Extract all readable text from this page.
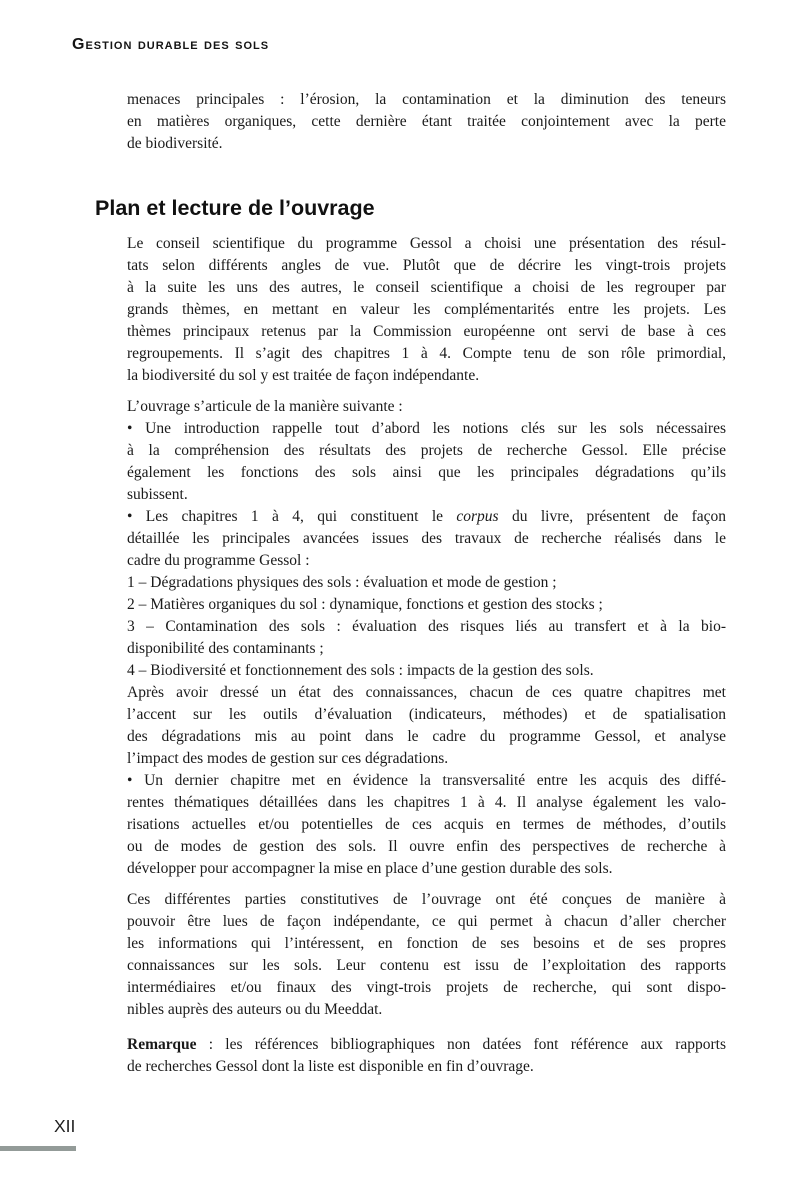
Gestion durable des sols
menaces principales : l’érosion, la contamination et la diminution des teneurs
en matières organiques, cette dernière étant traitée conjointement avec la perte
de biodiversité.
Plan et lecture de l’ouvrage
Le conseil scientifique du programme Gessol a choisi une présentation des résul-
tats selon différents angles de vue. Plutôt que de décrire les vingt-trois projets
à la suite les uns des autres, le conseil scientifique a choisi de les regrouper par
grands thèmes, en mettant en valeur les complémentarités entre les projets. Les
thèmes principaux retenus par la Commission européenne ont servi de base à ces
regroupements. Il s’agit des chapitres 1 à 4. Compte tenu de son rôle primordial,
la biodiversité du sol y est traitée de façon indépendante.
L’ouvrage s’articule de la manière suivante :
• Une introduction rappelle tout d’abord les notions clés sur les sols nécessaires
à la compréhension des résultats des projets de recherche Gessol. Elle précise
également les fonctions des sols ainsi que les principales dégradations qu’ils
subissent.
• Les chapitres 1 à 4, qui constituent le corpus du livre, présentent de façon
détaillée les principales avancées issues des travaux de recherche réalisés dans le
cadre du programme Gessol :
1 – Dégradations physiques des sols : évaluation et mode de gestion ;
2 – Matières organiques du sol : dynamique, fonctions et gestion des stocks ;
3 – Contamination des sols : évaluation des risques liés au transfert et à la bio-
disponibilité des contaminants ;
4 – Biodiversité et fonctionnement des sols : impacts de la gestion des sols.
Après avoir dressé un état des connaissances, chacun de ces quatre chapitres met
l’accent sur les outils d’évaluation (indicateurs, méthodes) et de spatialisation
des dégradations mis au point dans le cadre du programme Gessol, et analyse
l’impact des modes de gestion sur ces dégradations.
• Un dernier chapitre met en évidence la transversalité entre les acquis des diffé-
rentes thématiques détaillées dans les chapitres 1 à 4. Il analyse également les valo-
risations actuelles et/ou potentielles de ces acquis en termes de méthodes, d’outils
ou de modes de gestion des sols. Il ouvre enfin des perspectives de recherche à
développer pour accompagner la mise en place d’une gestion durable des sols.
Ces différentes parties constitutives de l’ouvrage ont été conçues de manière à
pouvoir être lues de façon indépendante, ce qui permet à chacun d’aller chercher
les informations qui l’intéressent, en fonction de ses besoins et de ses propres
connaissances sur les sols. Leur contenu est issu de l’exploitation des rapports
intermédiaires et/ou finaux des vingt-trois projets de recherche, qui sont dispo-
nibles auprès des auteurs ou du Meeddat.
Remarque : les références bibliographiques non datées font référence aux rapports
de recherches Gessol dont la liste est disponible en fin d’ouvrage.
XII
